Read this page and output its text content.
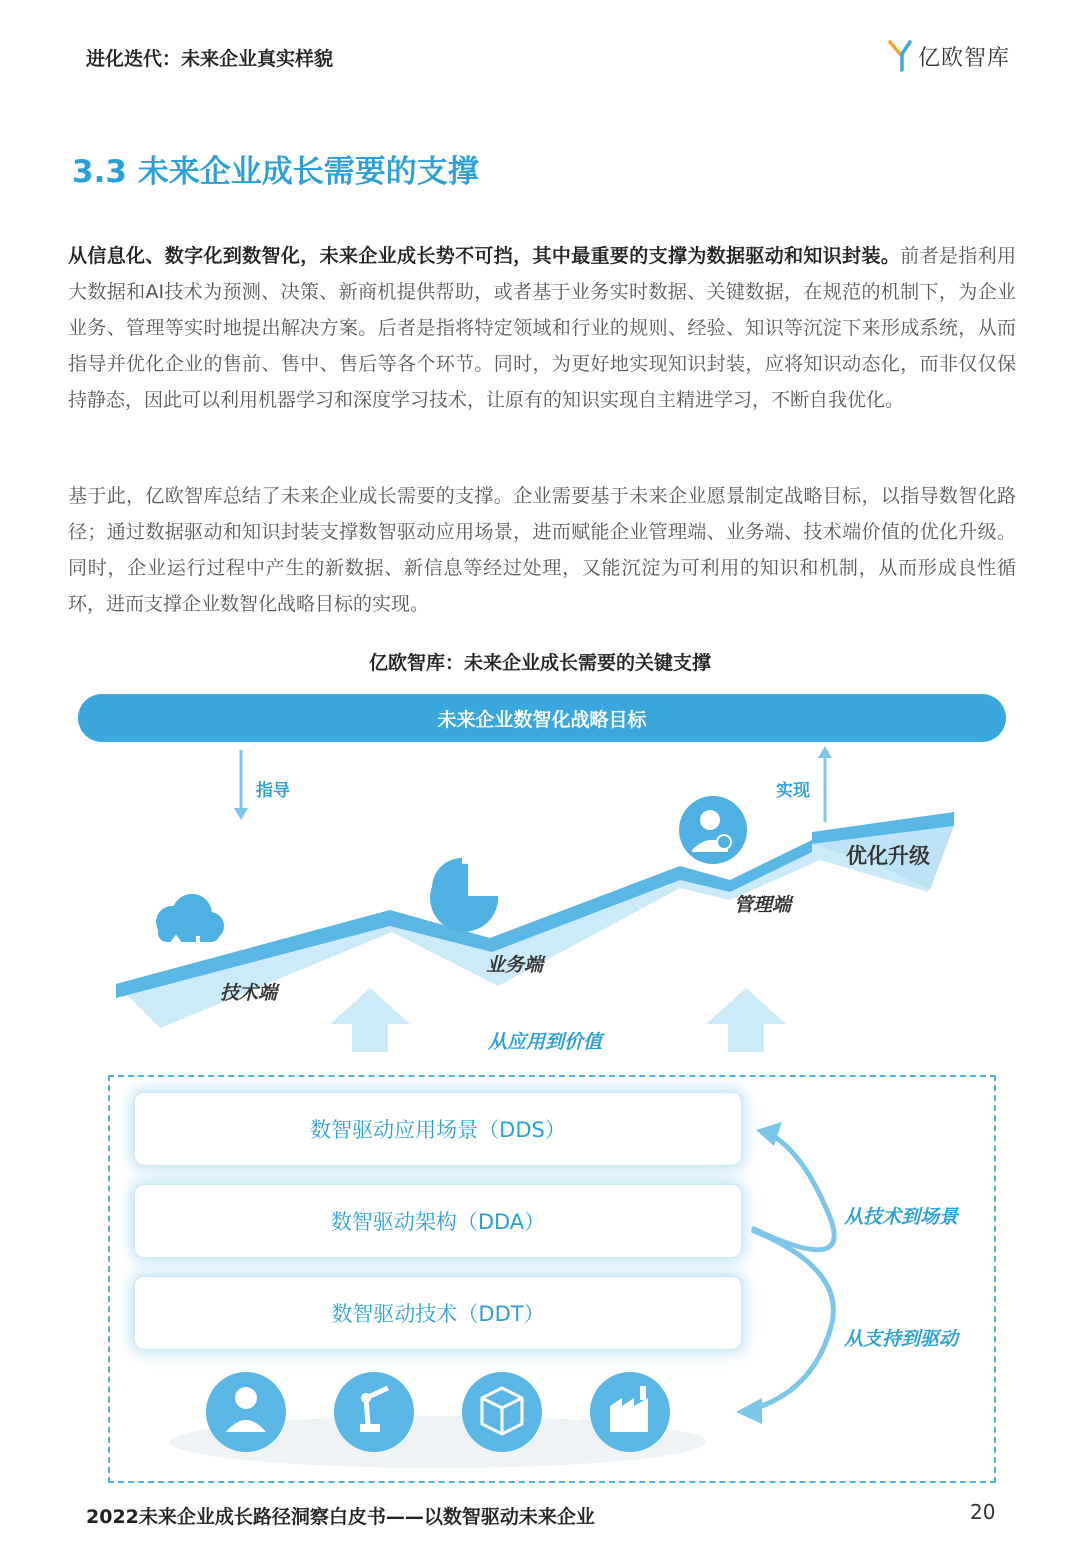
进化迭代：未来企业真实样貌	亿欧智库
3.3 未来企业成长需要的支撑
从信息化、数字化到数智化，未来企业成长势不可挡，其中最重要的支撑为数据驱动和知识封装。前者是指利用大数据和AI技术为预测、决策、新商机提供帮助，或者基于业务实时数据、关键数据，在规范的机制下，为企业业务、管理等实时地提出解决方案。后者是指将特定领域和行业的规则、经验、知识等沉淀下来形成系统，从而指导并优化企业的售前、售中、售后等各个环节。同时，为更好地实现知识封装，应将知识动态化，而非仅仅保持静态，因此可以利用机器学习和深度学习技术，让原有的知识实现自主精进学习，不断自我优化。
基于此，亿欧智库总结了未来企业成长需要的支撑。企业需要基于未来企业愿景制定战略目标，以指导数智化路径；通过数据驱动和知识封装支撑数智驱动应用场景，进而赋能企业管理端、业务端、技术端价值的优化升级。同时，企业运行过程中产生的新数据、新信息等经过处理，又能沉淀为可利用的知识和机制，从而形成良性循环，进而支撑企业数智化战略目标的实现。
亿欧智库：未来企业成长需要的关键支撑
未来企业数智化战略目标
指导	实现
优化升级
技术端
业务端
管理端
从应用到价值
数智驱动应用场景（DDS）
数智驱动架构（DDA）
数智驱动技术（DDT）
从技术到场景
从支持到驱动
2022未来企业成长路径洞察白皮书——以数智驱动未来企业	20
